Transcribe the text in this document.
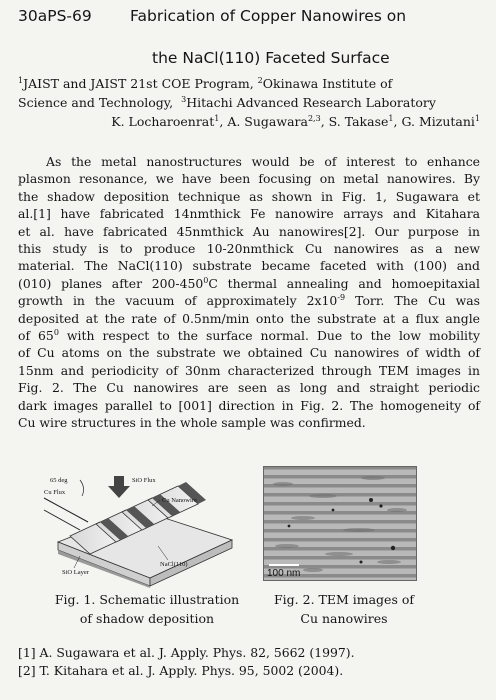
30aPS-69 Fabrication of Copper Nanowires on
the NaCl(110) Faceted Surface
$^1$JAIST and JAIST 21st COE Program, $^2$Okinawa Institute of
Science and Technology, $^3$Hitachi Advanced Research Laboratory
K. Locharoenrat$^1$, A. Sugawara$^{2,3}$, S. Takase$^1$, G. Mizutani$^1$
As the metal nanostructures would be of interest to enhance
plasmon resonance, we have been focusing on metal nanowires. By
the shadow deposition technique as shown in Fig. 1, Sugawara et
al.[1] have fabricated 14nmthick Fe nanowire arrays and Kitahara
et al. have fabricated 45nmthick Au nanowires[2]. Our purpose in
this study is to produce 10-20nmthick Cu nanowires as a new
material. The NaCl(110) substrate became faceted with (100) and
(010) planes after $200-450^0C$ thermal annealing and homoepitaxial
growth in the vacuum of approximately $2x10^{-9}$ Torr. The Cu was
deposited at the rate of 0.5nm/min onto the substrate at a flux angle
of $65^0$ with respect to the surface normal. Due to the low mobility
of Cu atoms on the substrate we obtained Cu nanowires of width of
15nm and periodicity of 30nm characterized through TEM images in
Fig. 2. The Cu nanowires are seen as long and straight periodic
dark images parallel to [001] direction in Fig. 2. The homogeneity of
Cu wire structures in the whole sample was confirmed.
65 deg	SiO Flux
Cu Flux
Cu Nanowire
NaCl(110)
SiO Layer	100 nm
Fig. 1. Schematic illustration
of shadow deposition
Fig. 2. TEM images of
Cu nanowires
[1] A. Sugawara et al. J. Apply. Phys. 82, 5662 (1997).
[2] T. Kitahara et al. J. Apply. Phys. 95, 5002 (2004).
